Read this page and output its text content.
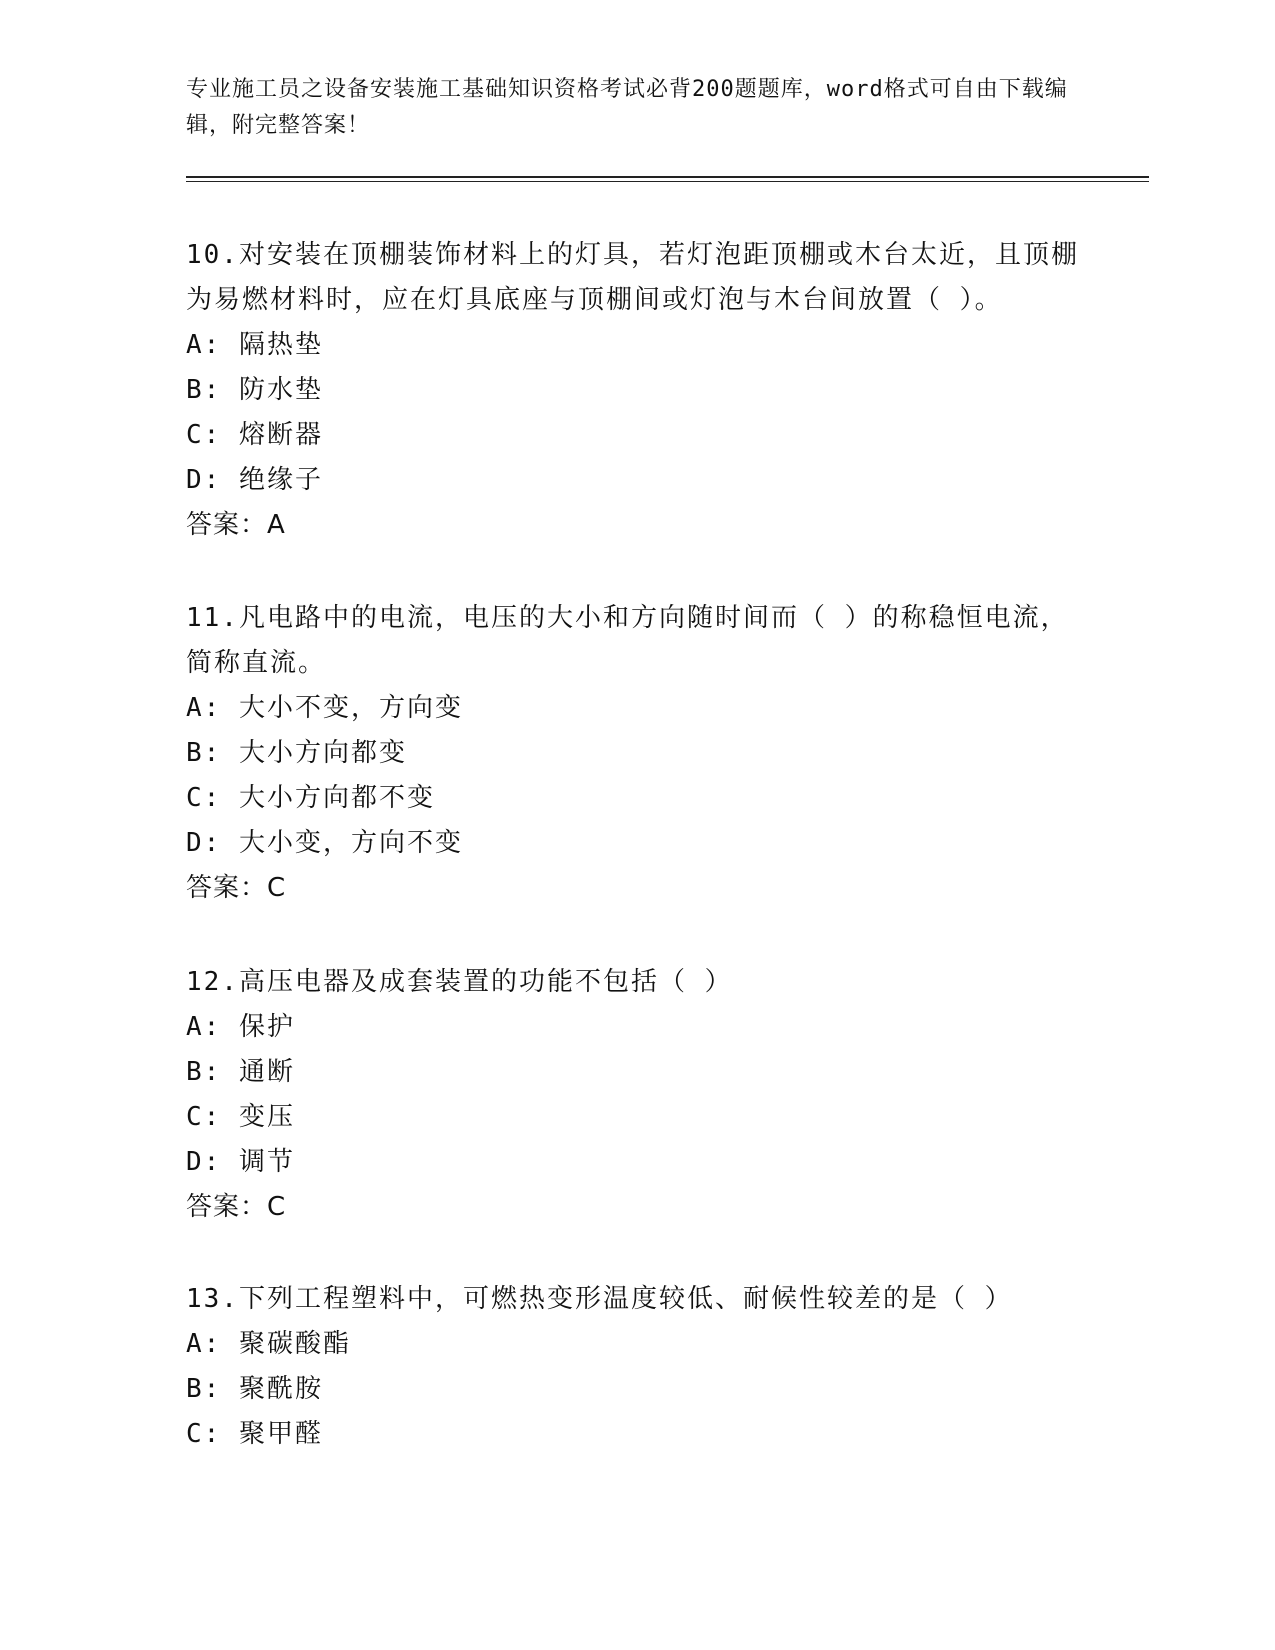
专业施工员之设备安装施工基础知识资格考试必背200题题库，word格式可自由下载编辑，附完整答案！

10.对安装在顶棚装饰材料上的灯具，若灯泡距顶棚或木台太近，且顶棚为易燃材料时，应在灯具底座与顶棚间或灯泡与木台间放置（ ）。

A: 隔热垫

B: 防水垫

C: 熔断器

D: 绝缘子

答案：A

11.凡电路中的电流，电压的大小和方向随时间而（ ）的称稳恒电流，简称直流。

A: 大小不变，方向变

B: 大小方向都变

C: 大小方向都不变

D: 大小变，方向不变

答案：C

12.高压电器及成套装置的功能不包括（ ）

A: 保护

B: 通断

C: 变压

D: 调节

答案：C

13.下列工程塑料中，可燃热变形温度较低、耐候性较差的是（ ）

A: 聚碳酸酯

B: 聚酰胺

C: 聚甲醛
